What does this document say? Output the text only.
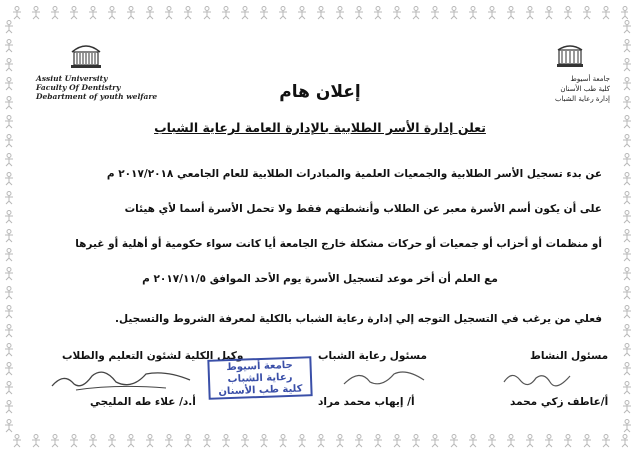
Assiut University
Faculty Of Dentistry
Debartment of youth welfare
جامعة أسيوط
كلية طب الأسنان
إدارة رعاية الشباب
إعلان هام
تعلن إدارة الأسر الطلابية بالإدارة العامة لرعاية الشباب
عن بدء تسجيل الأسر الطلابية والجمعيات العلمية والمبادرات الطلابية للعام الجامعي ٢٠١٧/٢٠١٨ م
على أن يكون أسم الأسرة معبر عن الطلاب وأنشطتهم فقط ولا تحمل الأسرة أسما لأي هيئات
أو منظمات أو أحزاب أو جمعيات أو حركات مشكلة خارج الجامعة أيا كانت سواء حكومية أو أهلية أو غيرها
مع العلم أن أخر موعد لتسجيل الأسرة يوم الأحد الموافق ٢٠١٧/١١/٥ م
فعلي من يرغب في التسجيل التوجه إلي إدارة رعاية الشباب بالكلية لمعرفة الشروط والتسجيل.
مسئول النشاط
مسئول رعاية الشباب
وكيل الكلية لشئون التعليم والطلاب
جامعة أسيوط
رعاية الشباب
كلية طب الأسنان
أ/عاطف زكي محمد
أ/ إيهاب محمد مراد
أ.د/ علاء طه المليجي
